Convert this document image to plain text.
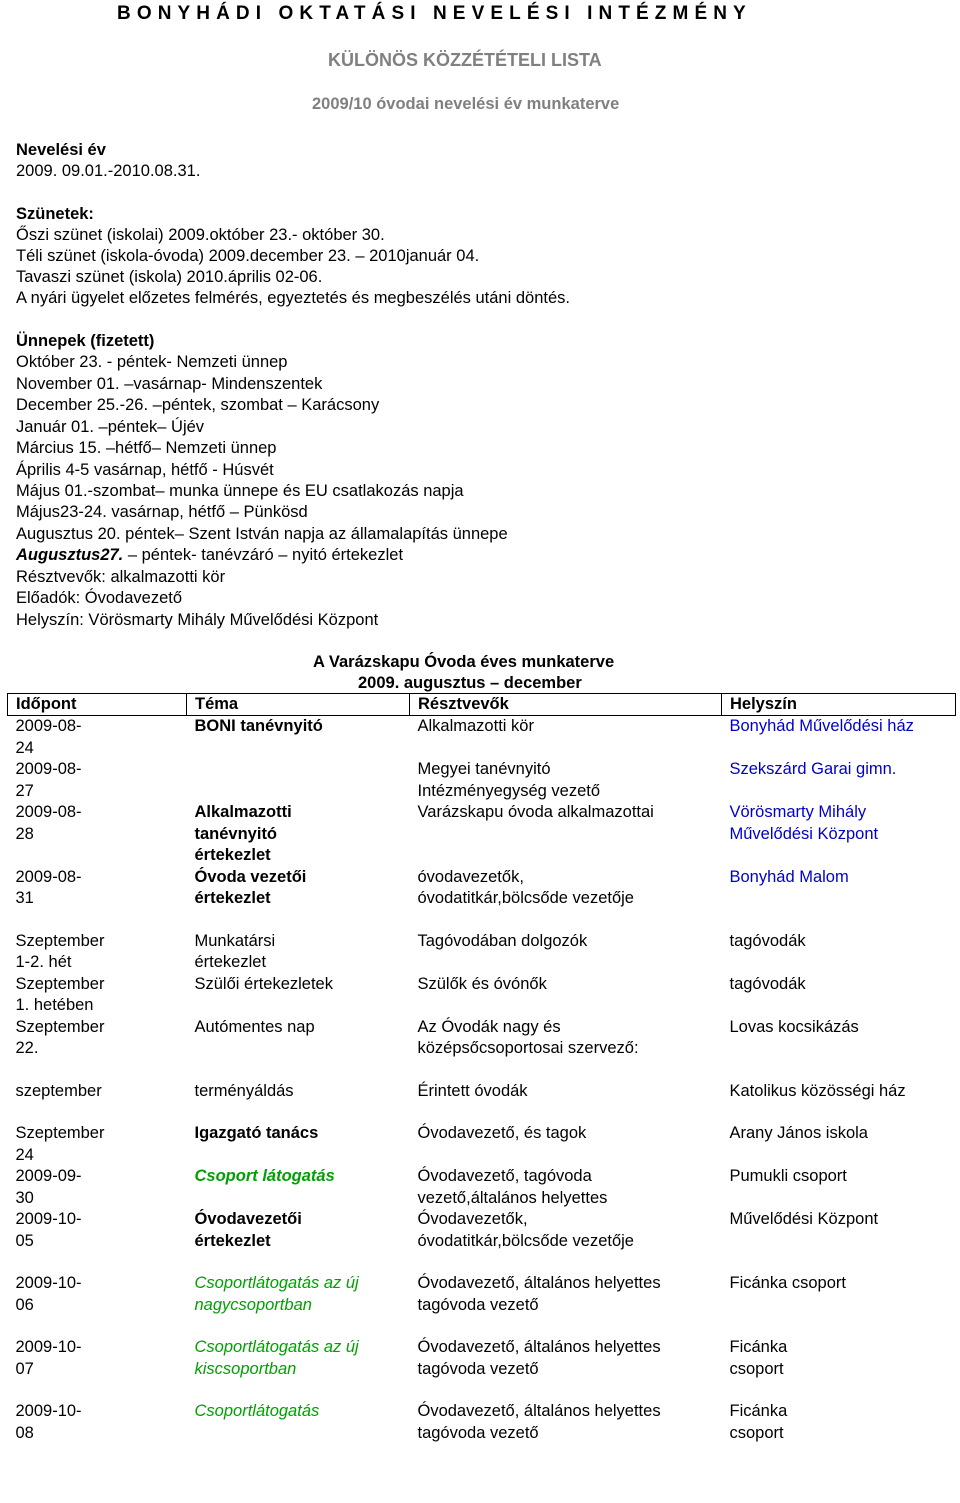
BONYHÁDI OKTATÁSI NEVELÉSI INTÉZMÉNY
KÜLÖNÖS KÖZZÉTÉTELI LISTA
2009/10 óvodai nevelési év munkaterve
Nevelési év
2009. 09.01.-2010.08.31.
Szünetek:
Őszi szünet (iskolai) 2009.október 23.- október 30.
Téli szünet (iskola-óvoda) 2009.december 23. – 2010január 04.
Tavaszi szünet (iskola) 2010.április 02-06.
A nyári ügyelet előzetes felmérés, egyeztetés és megbeszélés utáni döntés.
Ünnepek (fizetett)
Október 23. - péntek- Nemzeti ünnep
November 01. –vasárnap- Mindenszentek
December 25.-26. –péntek, szombat – Karácsony
Január 01. –péntek– Újév
Március 15. –hétfő– Nemzeti ünnep
Április 4-5 vasárnap, hétfő - Húsvét
Május 01.-szombat– munka ünnepe és EU csatlakozás napja
Május23-24. vasárnap, hétfő – Pünkösd
Augusztus 20. péntek– Szent István napja az államalapítás ünnepe
Augusztus27. – péntek- tanévzáró – nyitó értekezlet
Résztvevők: alkalmazotti kör
Előadók: Óvodavezető
Helyszín: Vörösmarty Mihály Művelődési Központ
A Varázskapu Óvoda éves munkaterve
2009. augusztus – december
Időpont	Téma	Résztvevők	Helyszín

2009-08-24	BONI tanévnyitó	Alkalmazotti kör	Bonyhád Művelődési ház

2009-08-27		Megyei tanévnyitó Intézményegység vezető	Szekszárd Garai gimn.

2009-08-28	Alkalmazotti tanévnyitó értekezlet	Varázskapu óvoda alkalmazottai	Vörösmarty Mihály Művelődési Központ

2009-08-31	Óvoda vezetői értekezlet	óvodavezetők, óvodatitkár,bölcsőde vezetője	Bonyhád Malom

Szeptember 1-2. hét	Munkatársi értekezlet	Tagóvodában dolgozók	tagóvodák

Szeptember 1. hetében	Szülői értekezletek	Szülők és óvónők	tagóvodák

Szeptember 22.	Autómentes nap	Az Óvodák nagy és középsőcsoportosai szervező:	Lovas kocsikázás

szeptember	terményáldás	Érintett óvodák	Katolikus közösségi ház

Szeptember 24	Igazgató tanács	Óvodavezető, és tagok	Arany János iskola

2009-09-30	Csoport látogatás	Óvodavezető, tagóvoda vezető,általános helyettes	Pumukli csoport

2009-10-05	Óvodavezetői értekezlet	Óvodavezetők, óvodatitkár,bölcsőde vezetője	Művelődési Központ

2009-10-06	Csoportlátogatás az új nagycsoportban	Óvodavezető, általános helyettes tagóvoda vezető	Ficánka csoport

2009-10-07	Csoportlátogatás az új kiscsoportban	Óvodavezető, általános helyettes tagóvoda vezető	Ficánka csoport

2009-10-08	Csoportlátogatás	Óvodavezető, általános helyettes tagóvoda vezető	Ficánka csoport
